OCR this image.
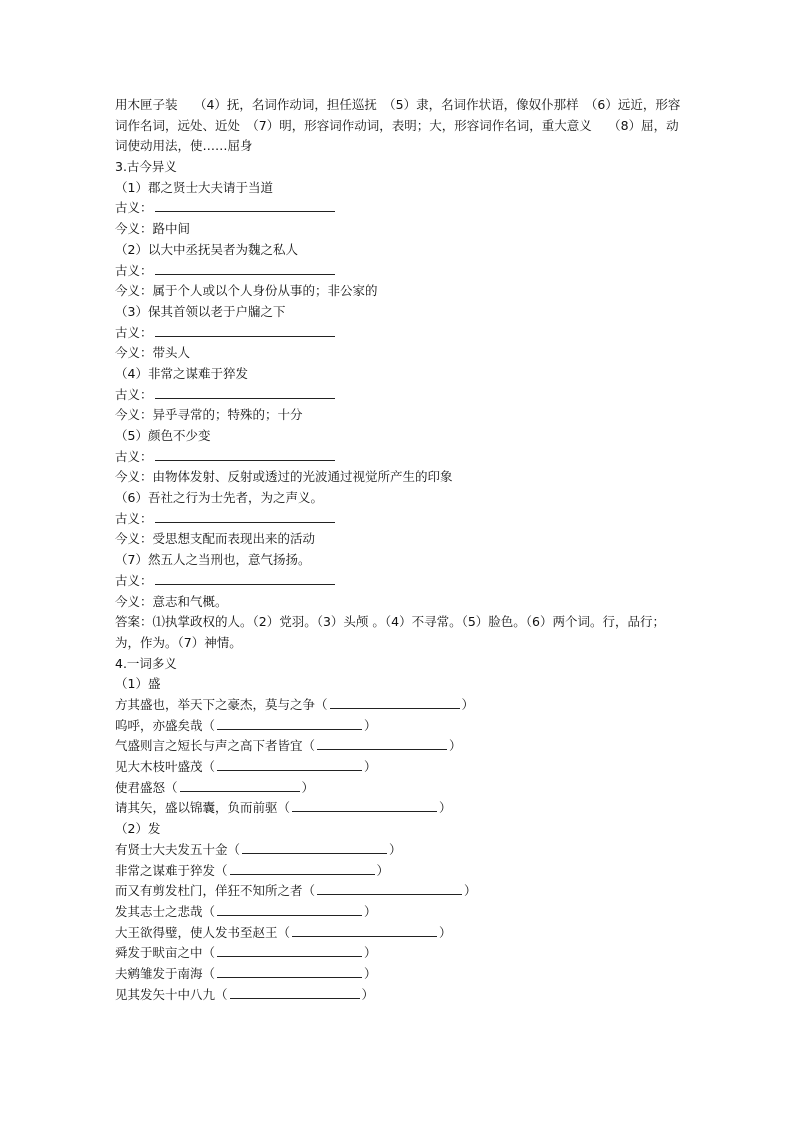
用木匣子装　 （4）抚，名词作动词，担任巡抚　（5）隶，名词作状语，像奴仆那样　（6）远近，形容词作名词，远处、近处　（7）明，形容词作动词，表明；大，形容词作名词，重大意义　 （8）屈，动词使动用法，使……屈身
3.古今异义
（1）郡之贤士大夫请于当道
古义：
今义：路中间
（2）以大中丞抚吴者为魏之私人
古义：
今义：属于个人或以个人身份从事的；非公家的
（3）保其首领以老于户牖之下
古义：
今义：带头人
（4）非常之谋难于猝发
古义：
今义：异乎寻常的；特殊的；十分
（5）颜色不少变
古义：
今义：由物体发射、反射或透过的光波通过视觉所产生的印象
（6）吾社之行为士先者，为之声义。
古义：
今义：受思想支配而表现出来的活动
（7）然五人之当刑也，意气扬扬。
古义：
今义：意志和气概。
答案：⑴执掌政权的人。（2）党羽。（3）头颅 。（4）不寻常。（5）脸色。（6）两个词。行，品行；为，作为。（7）神情。
4.一词多义
（1）盛
方其盛也，举天下之豪杰，莫与之争（	）
呜呼，亦盛矣哉（	）
气盛则言之短长与声之高下者皆宜（	）
见大木枝叶盛茂（	）
使君盛怒（	）
请其矢，盛以锦囊，负而前驱（	）
（2）发
有贤士大夫发五十金（	）
非常之谋难于猝发（	）
而又有剪发杜门，佯狂不知所之者（	）
发其志士之悲哉（	）
大王欲得璧，使人发书至赵王（	）
舜发于畎亩之中（	）
夫鹓雏发于南海（	）
见其发矢十中八九（	）
